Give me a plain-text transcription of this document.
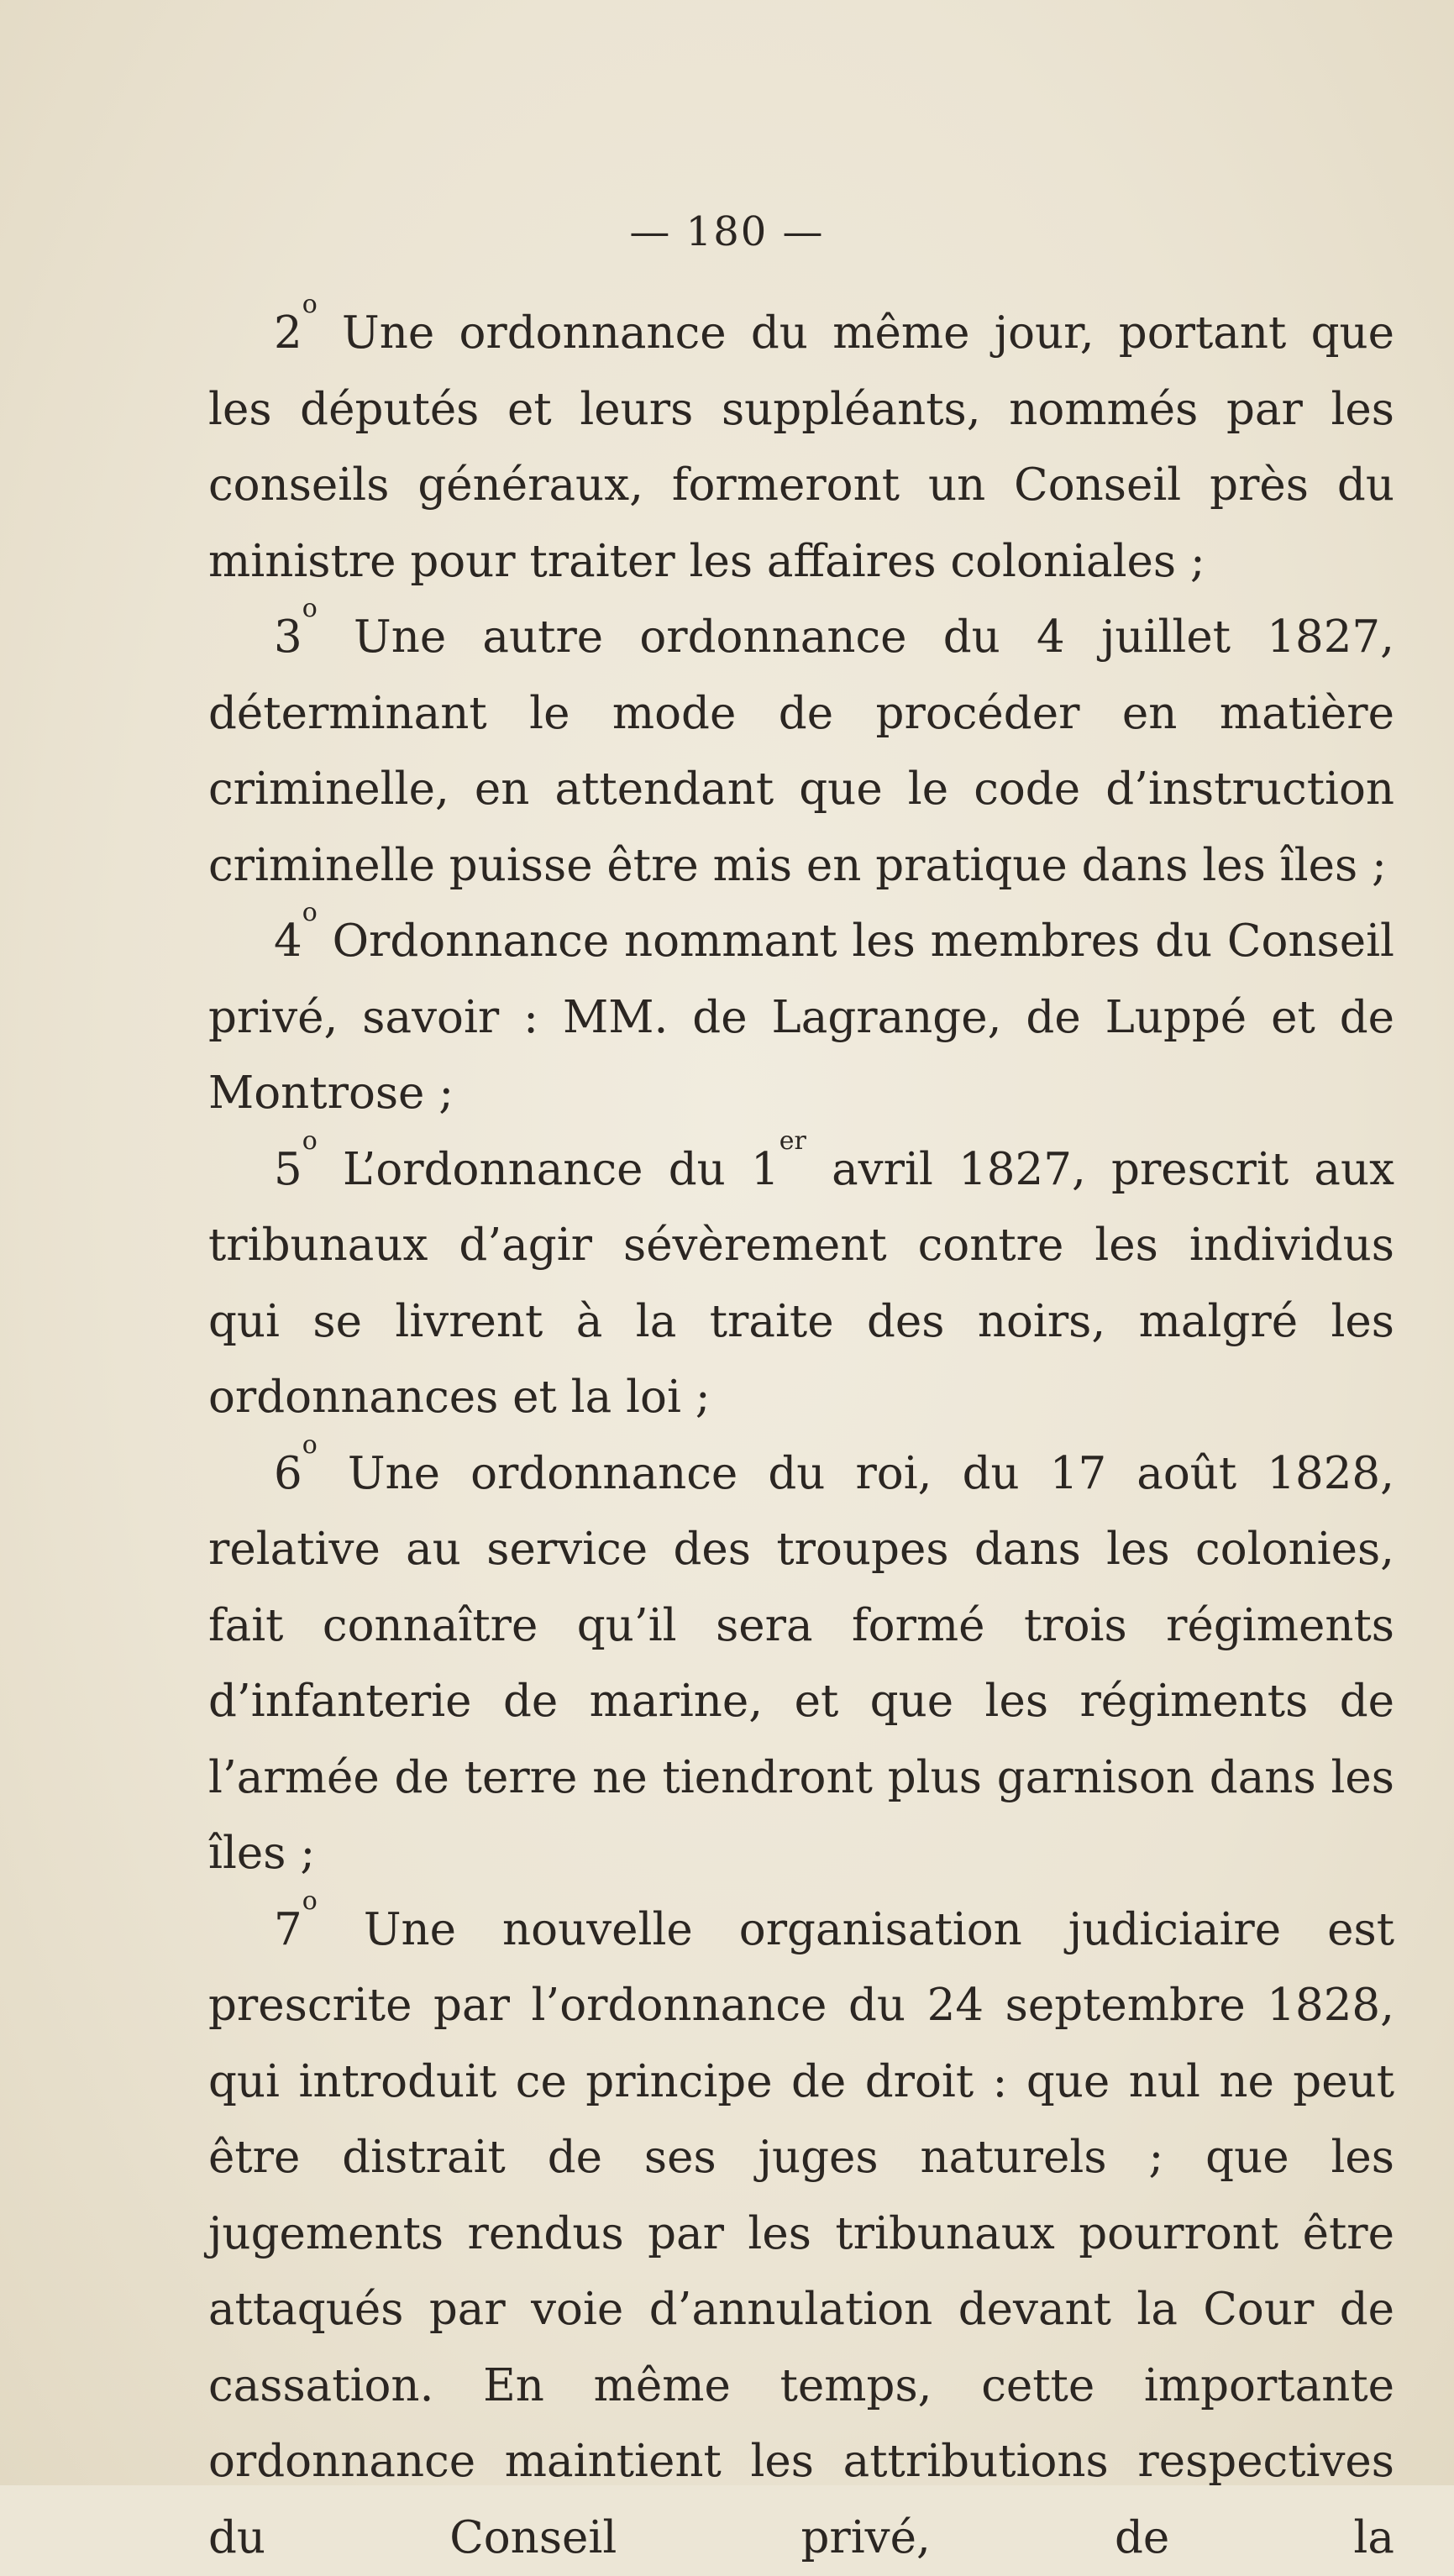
— 180 —

2$^o$ Une ordonnance du même jour, portant que les députés et leurs suppléants, nommés par les conseils généraux, formeront un Conseil près du ministre pour traiter les affaires coloniales ;

3$^o$ Une autre ordonnance du 4 juillet 1827, déterminant le mode de procéder en matière criminelle, en attendant que le code d’instruction criminelle puisse être mis en pratique dans les îles ;

4$^o$ Ordonnance nommant les membres du Conseil privé, savoir : MM. de Lagrange, de Luppé et de Montrose ;

5$^o$ L’ordonnance du 1er avril 1827, prescrit aux tribunaux d’agir sévèrement contre les individus qui se livrent à la traite des noirs, malgré les ordonnances et la loi ;

6$^o$ Une ordonnance du roi, du 17 août 1828, relative au service des troupes dans les colonies, fait connaître qu’il sera formé trois régiments d’infanterie de marine, et que les régiments de l’armée de terre ne tiendront plus garnison dans les îles ;

7$^o$ Une nouvelle organisation judiciaire est prescrite par l’ordonnance du 24 septembre 1828, qui introduit ce principe de droit : que nul ne peut être distrait de ses juges naturels ; que les jugements rendus par les tribunaux pourront être attaqués par voie d’annulation devant la Cour de cassation. En même temps, cette importante ordonnance maintient les attributions respectives du Conseil privé, de la
